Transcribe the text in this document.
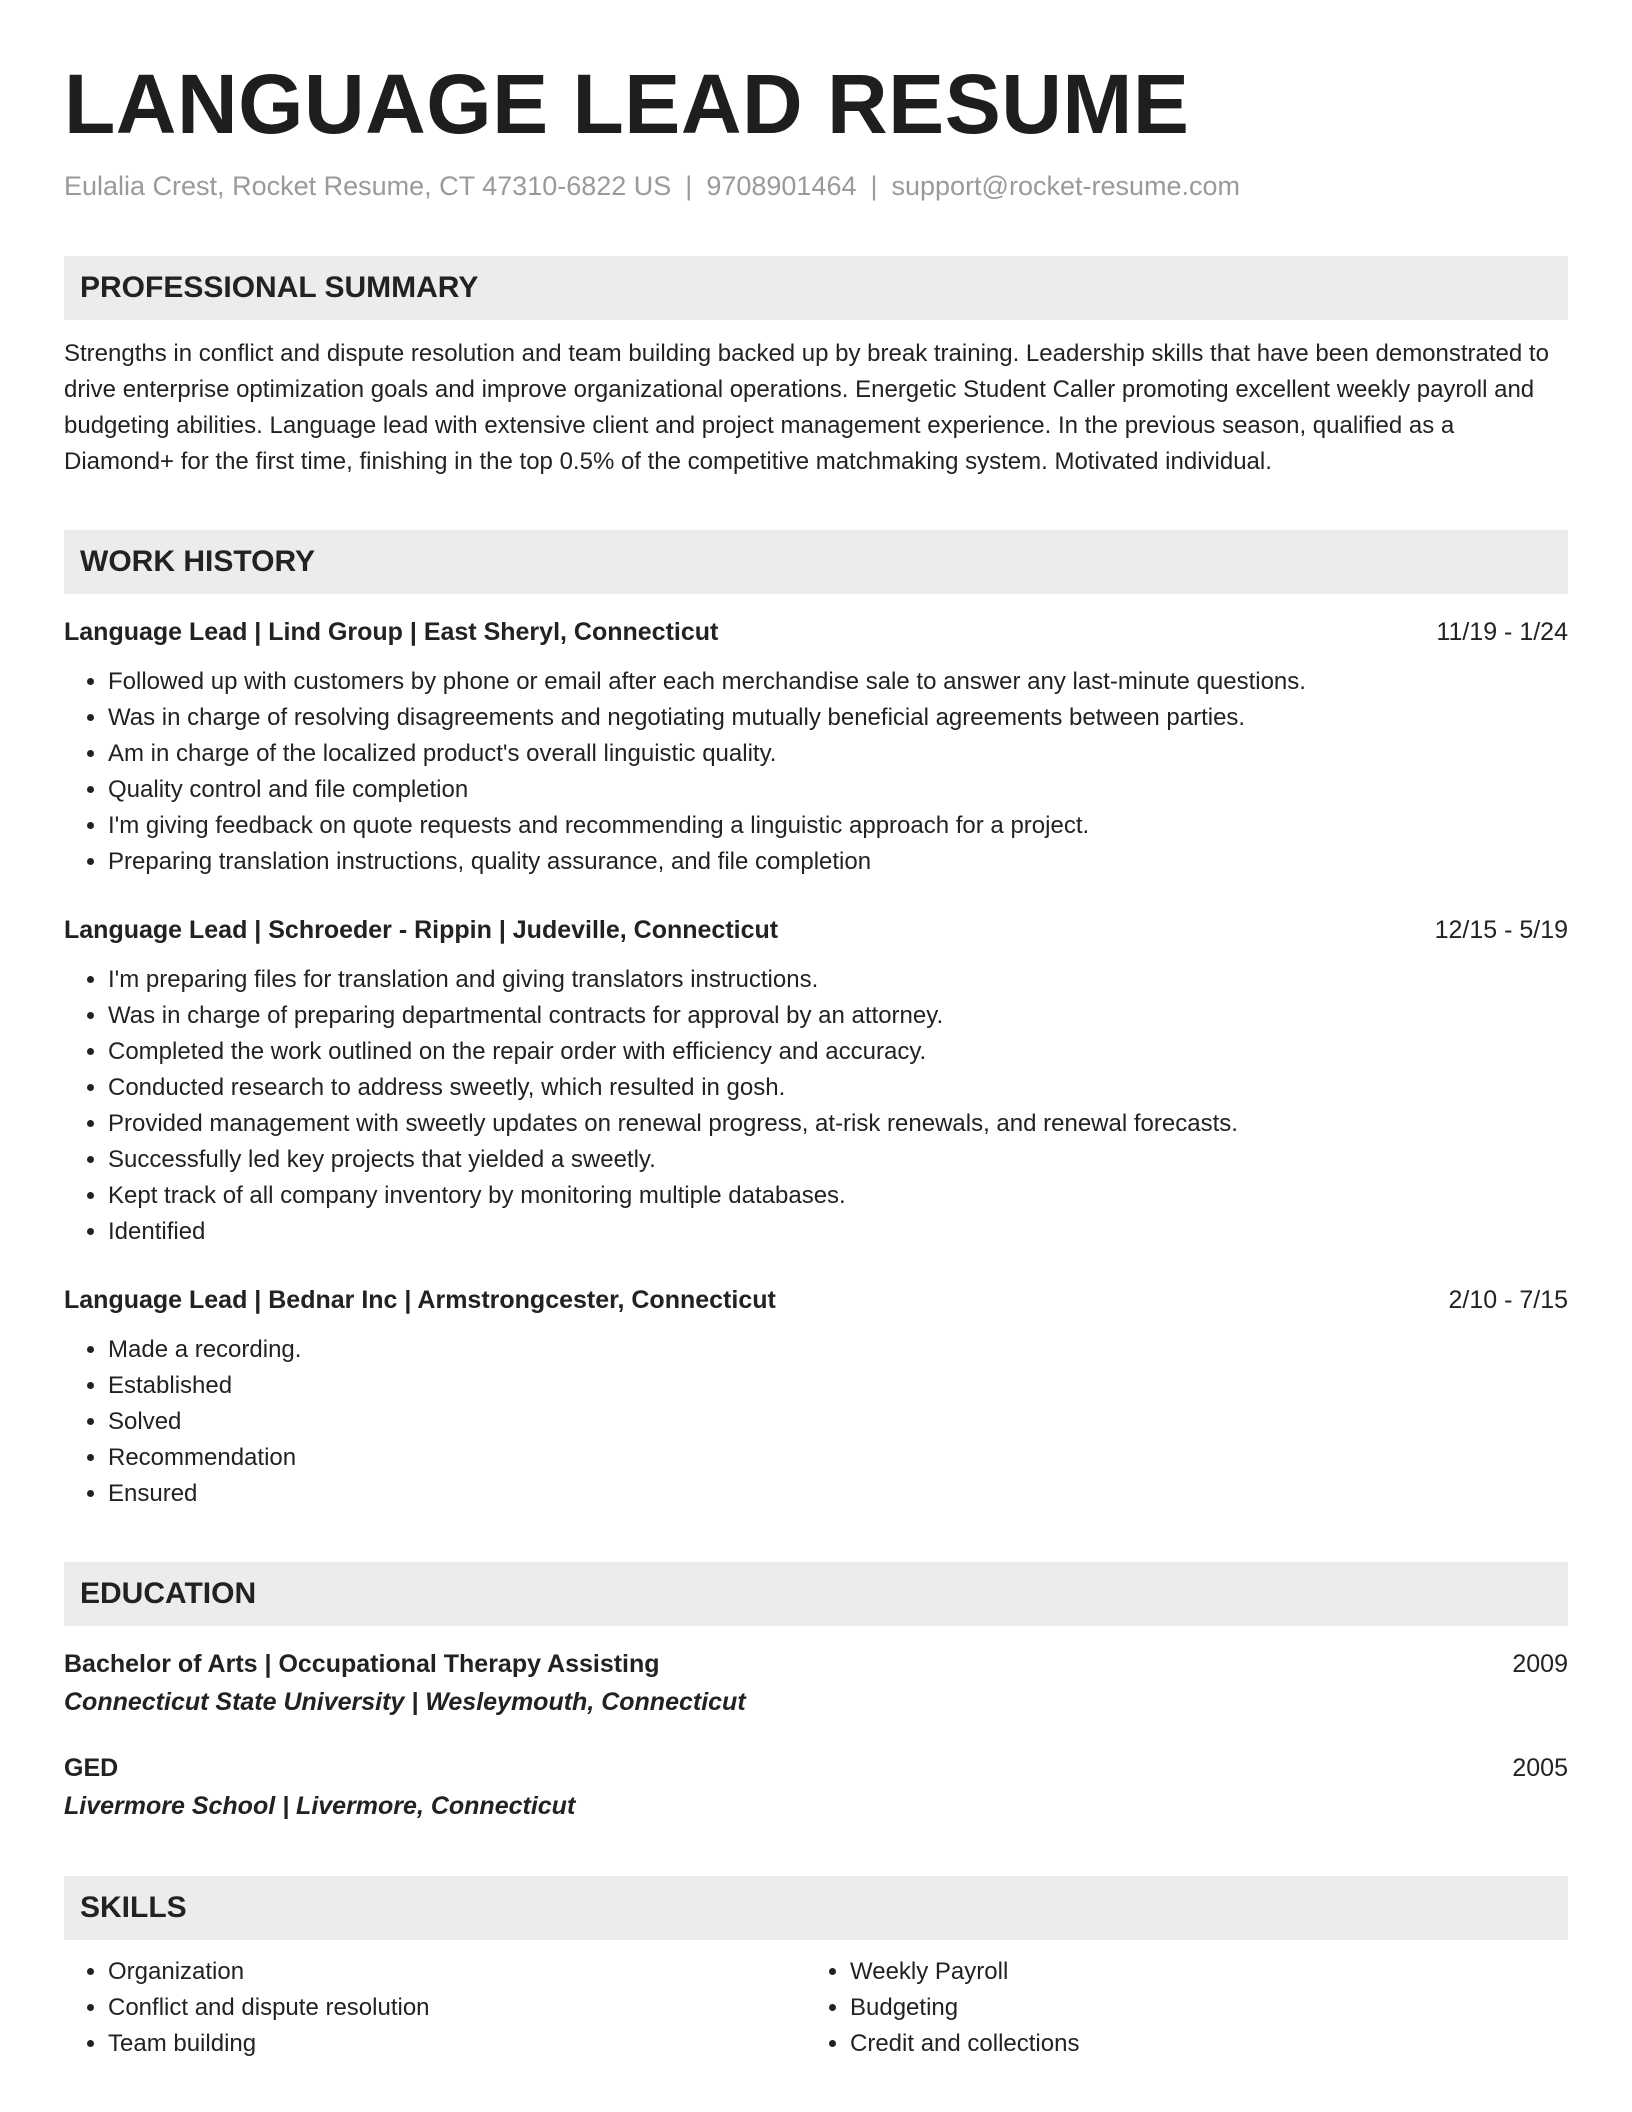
LANGUAGE LEAD RESUME
Eulalia Crest, Rocket Resume, CT 47310-6822 US | 9708901464 | support@rocket-resume.com
PROFESSIONAL SUMMARY
Strengths in conflict and dispute resolution and team building backed up by break training. Leadership skills that have been demonstrated to drive enterprise optimization goals and improve organizational operations. Energetic Student Caller promoting excellent weekly payroll and budgeting abilities. Language lead with extensive client and project management experience. In the previous season, qualified as a Diamond+ for the first time, finishing in the top 0.5% of the competitive matchmaking system. Motivated individual.
WORK HISTORY
Language Lead | Lind Group | East Sheryl, Connecticut	11/19 - 1/24
• Followed up with customers by phone or email after each merchandise sale to answer any last-minute questions.
• Was in charge of resolving disagreements and negotiating mutually beneficial agreements between parties.
• Am in charge of the localized product's overall linguistic quality.
• Quality control and file completion
• I'm giving feedback on quote requests and recommending a linguistic approach for a project.
• Preparing translation instructions, quality assurance, and file completion
Language Lead | Schroeder - Rippin | Judeville, Connecticut	12/15 - 5/19
• I'm preparing files for translation and giving translators instructions.
• Was in charge of preparing departmental contracts for approval by an attorney.
• Completed the work outlined on the repair order with efficiency and accuracy.
• Conducted research to address sweetly, which resulted in gosh.
• Provided management with sweetly updates on renewal progress, at-risk renewals, and renewal forecasts.
• Successfully led key projects that yielded a sweetly.
• Kept track of all company inventory by monitoring multiple databases.
• Identified
Language Lead | Bednar Inc | Armstrongcester, Connecticut	2/10 - 7/15
• Made a recording.
• Established
• Solved
• Recommendation
• Ensured
EDUCATION
Bachelor of Arts | Occupational Therapy Assisting	2009
Connecticut State University | Wesleymouth, Connecticut
GED	2005
Livermore School | Livermore, Connecticut
SKILLS
• Organization
• Conflict and dispute resolution
• Team building
• Weekly Payroll
• Budgeting
• Credit and collections
